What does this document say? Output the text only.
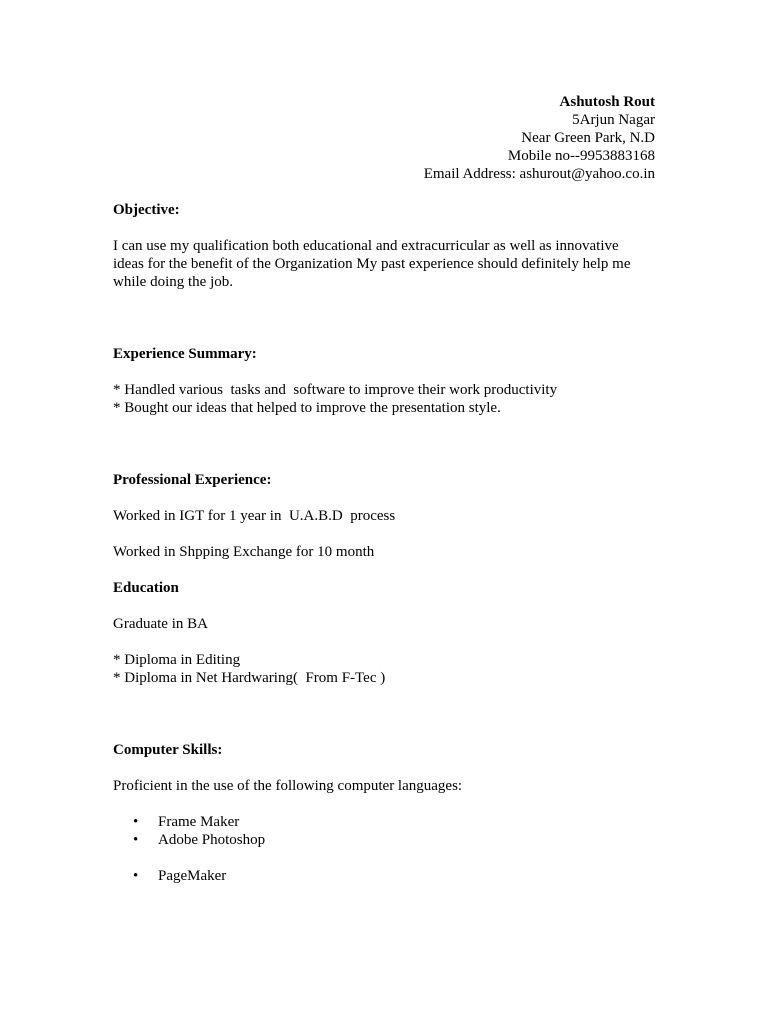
Ashutosh Rout
5Arjun Nagar
Near Green Park, N.D
Mobile no--9953883168
Email Address: ashurout@yahoo.co.in
Objective:
I can use my qualification both educational and extracurricular as well as innovative
ideas for the benefit of the Organization My past experience should definitely help me
while doing the job.
Experience Summary:
* Handled various  tasks and  software to improve their work productivity
* Bought our ideas that helped to improve the presentation style.
Professional Experience:
Worked in IGT for 1 year in  U.A.B.D  process
Worked in Shpping Exchange for 10 month
Education
Graduate in BA
* Diploma in Editing
* Diploma in Net Hardwaring(  From F-Tec )
Computer Skills:
Proficient in the use of the following computer languages:
• Frame Maker
• Adobe Photoshop
• PageMaker
